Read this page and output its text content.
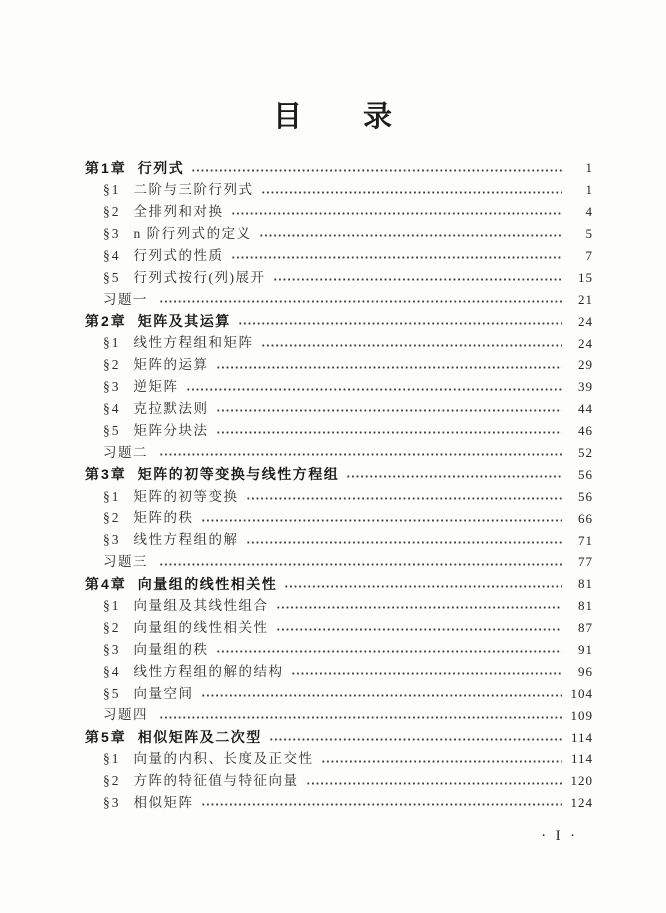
目　　录
第1章 行列式	1
§1 二阶与三阶行列式	1
§2 全排列和对换	4
§3 n 阶行列式的定义	5
§4 行列式的性质	7
§5 行列式按行(列)展开	15
习题一	21
第2章 矩阵及其运算	24
§1 线性方程组和矩阵	24
§2 矩阵的运算	29
§3 逆矩阵	39
§4 克拉默法则	44
§5 矩阵分块法	46
习题二	52
第3章 矩阵的初等变换与线性方程组	56
§1 矩阵的初等变换	56
§2 矩阵的秩	66
§3 线性方程组的解	71
习题三	77
第4章 向量组的线性相关性	81
§1 向量组及其线性组合	81
§2 向量组的线性相关性	87
§3 向量组的秩	91
§4 线性方程组的解的结构	96
§5 向量空间	104
习题四	109
第5章 相似矩阵及二次型	114
§1 向量的内积、长度及正交性	114
§2 方阵的特征值与特征向量	120
§3 相似矩阵	124
· I ·
